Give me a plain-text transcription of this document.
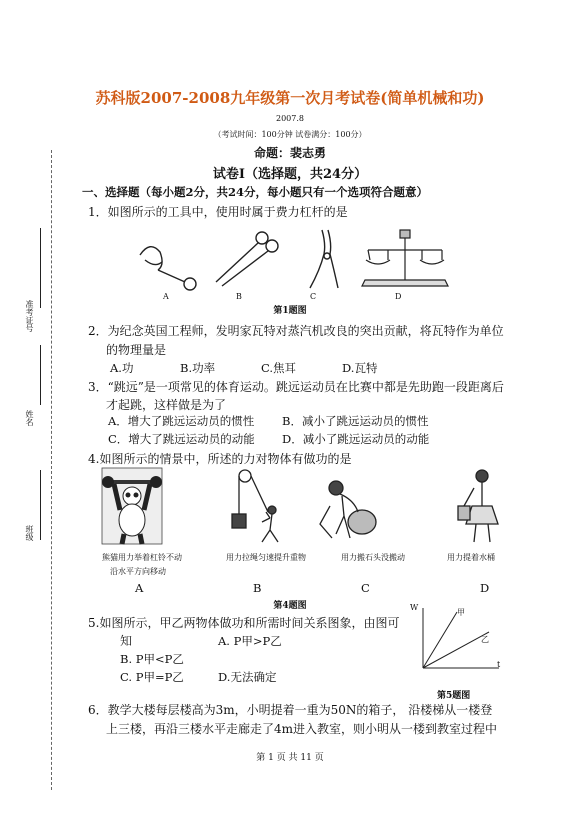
苏科版2007-2008九年级第一次月考试卷(简单机械和功)
2007.8
（考试时间：100分钟 试卷满分：100分）
命题：裴志勇
试卷Ⅰ（选择题，共24分）
准考证号
姓名
班级
一、选择题（每小题2分，共24分，每小题只有一个选项符合题意）
1．如图所示的工具中，使用时属于费力杠杆的是
A	B	C	D
第1题图
2．为纪念英国工程师，发明家瓦特对蒸汽机改良的突出贡献，将瓦特作为单位
的物理量是
A.功	B.功率	C.焦耳	D.瓦特
3．“跳远”是一项常见的体育运动。跳远运动员在比赛中都是先助跑一段距离后
才起跳，这样做是为了
A．增大了跳远运动员的惯性 B．减小了跳远运动员的惯性
C．增大了跳远运动员的动能 D．减小了跳远运动员的动能
4.如图所示的情景中，所述的力对物体有做功的是
熊猫用力举着杠铃不动
沿水平方向移动
用力拉绳匀速提升重物	用力搬石头没搬动	用力提着水桶
A	B	C	D
第4题图
5.如图所示，甲乙两物体做功和所需时间关系图象，由图可
知	A. P甲>P乙
B. P甲<P乙
C. P甲=P乙	D.无法确定
W
t
甲
乙
第5题图
6．教学大楼每层楼高为3m，小明提着一重为50N的箱子， 沿楼梯从一楼登
上三楼，再沿三楼水平走廊走了4m进入教室，则小明从一楼到教室过程中
第 1 页 共 11 页
